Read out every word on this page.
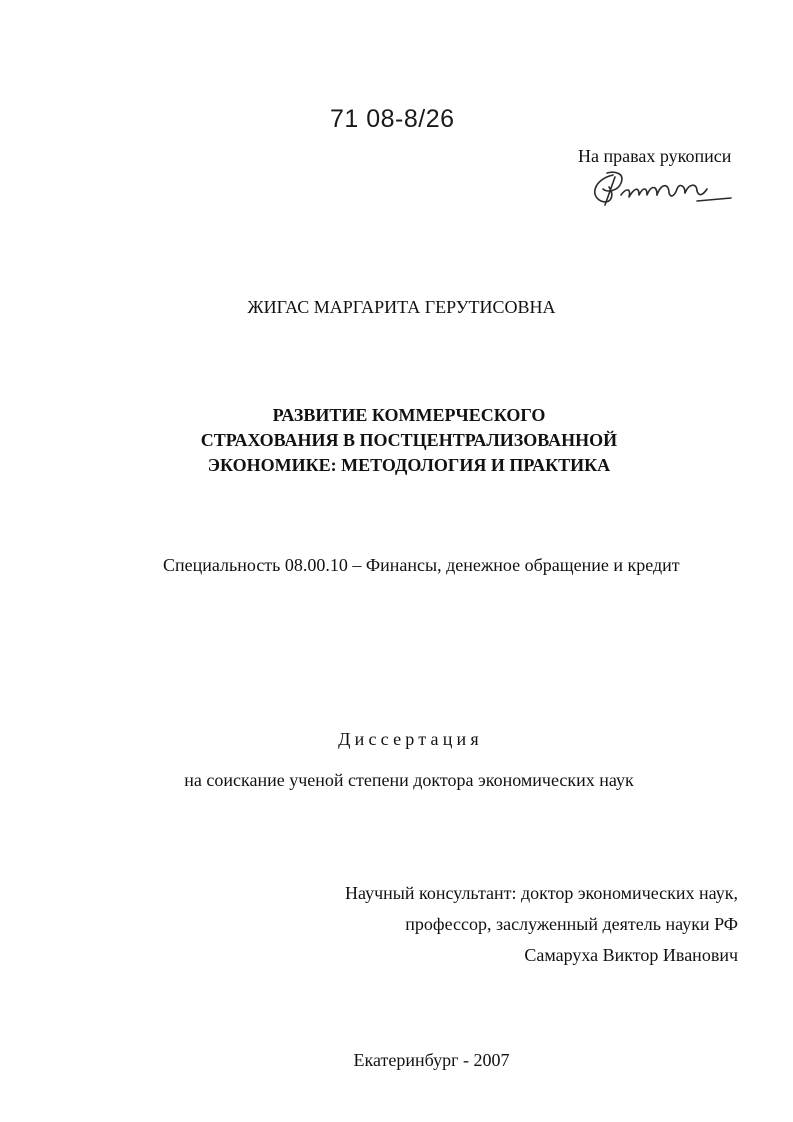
71 08-8/26
На правах рукописи
ЖИГАС МАРГАРИТА ГЕРУТИСОВНА
РАЗВИТИЕ КОММЕРЧЕСКОГО
СТРАХОВАНИЯ В ПОСТЦЕНТРАЛИЗОВАННОЙ
ЭКОНОМИКЕ: МЕТОДОЛОГИЯ И ПРАКТИКА
Специальность 08.00.10 – Финансы, денежное обращение и кредит
Диссертация
на соискание ученой степени доктора экономических наук
Научный консультант: доктор экономических наук,
профессор, заслуженный деятель науки РФ
Самаруха Виктор Иванович
Екатеринбург - 2007
